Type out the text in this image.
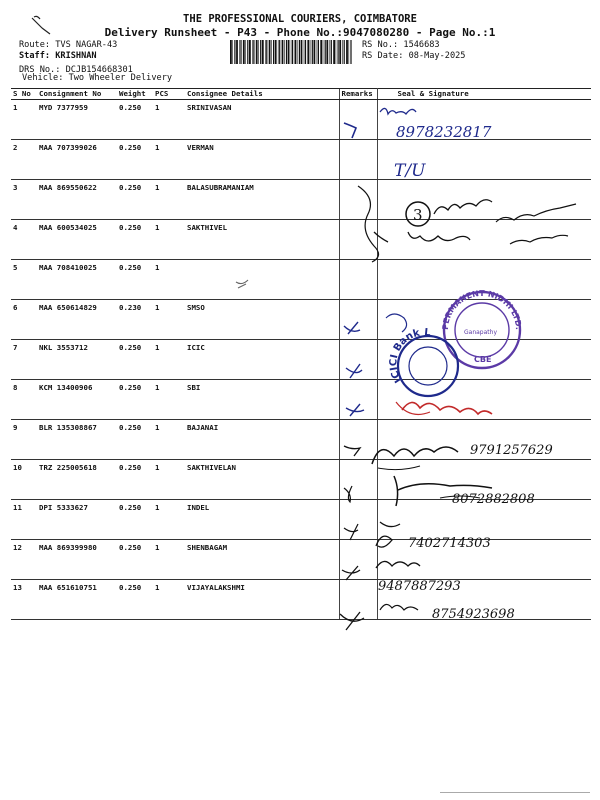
THE PROFESSIONAL COURIERS, COIMBATORE
Delivery Runsheet - P43 - Phone No.:9047080280 - Page No.:1
Route: TVS NAGAR-43
Staff: KRISHNAN
DRS No.: DCJB154668301
RS No.: 1546683
RS Date: 08-May-2025
Vehicle: Two Wheeler Delivery
S No	Consignment No	Weight	PCS	Consignee Details	Remarks	Seal & Signature
1	MYD 7377959	0.250	1	SRINIVASAN		
2	MAA 707399026	0.250	1	VERMAN		
3	MAA 869550622	0.250	1	BALASUBRAMANIAM		
4	MAA 600534025	0.250	1	SAKTHIVEL		
5	MAA 708410025	0.250	1			
6	MAA 650614829	0.230	1	SMSO		
7	NKL 3553712	0.250	1	ICIC		
8	KCM 13400906	0.250	1	SBI		
9	BLR 135308867	0.250	1	BAJANAI		
10	TRZ 225005618	0.250	1	SAKTHIVELAN		
11	DPI 5333627	0.250	1	INDEL		
12	MAA 869399980	0.250	1	SHENBAGAM		
13	MAA 651610751	0.250	1	VIJAYALAKSHMI		
8978232817
T/U
3
PERMANENT NIDHI LTD.
Ganapathy
CBE
ICICI Bank L
9791257629
8072882808
7402714303
9487887293
8754923698
